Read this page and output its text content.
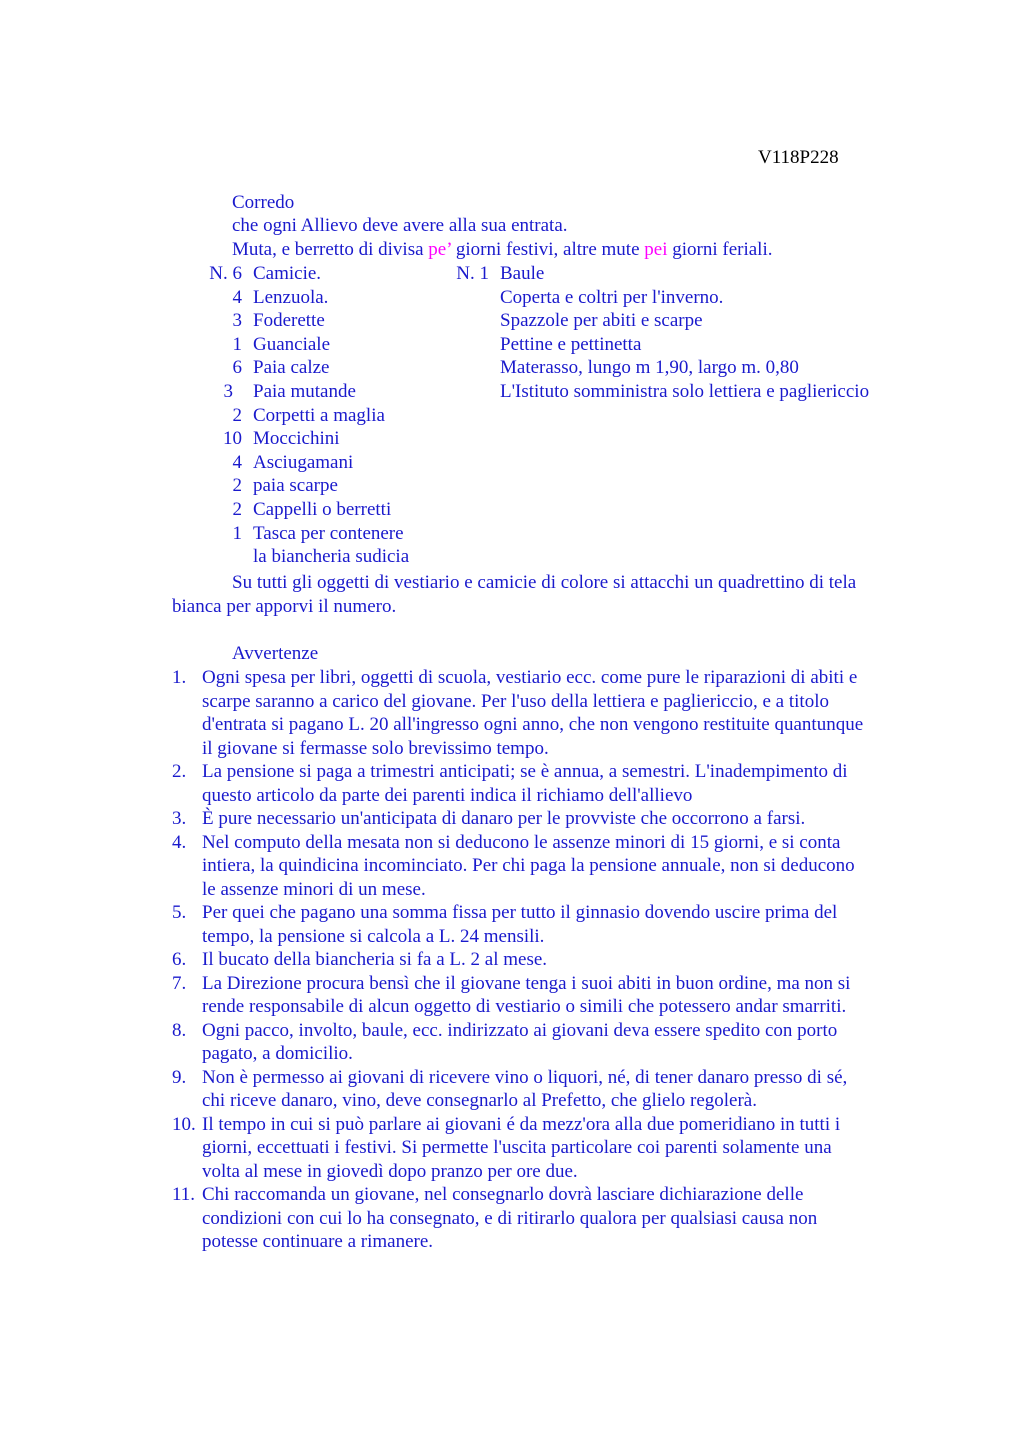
V118P228
Corredo
che ogni Allievo deve avere alla sua entrata.
Muta, e berretto di divisa pe’ giorni festivi, altre mute pei giorni feriali.
N. 6 Camicie.
4 Lenzuola.
3 Foderette
1 Guanciale
6 Paia calze
3 Paia mutande
2 Corpetti a maglia
10 Moccichini
4 Asciugamani
2 paia scarpe
2 Cappelli o berretti
1 Tasca per contenere
la biancheria sudicia
N. 1 Baule
Coperta e coltri per l'inverno.
Spazzole per abiti e scarpe
Pettine e pettinetta
Materasso, lungo m 1,90, largo m. 0,80
L'Istituto somministra solo lettiera e pagliericcio
Su tutti gli oggetti di vestiario e camicie di colore si attacchi un quadrettino di tela
bianca per apporvi il numero.
Avvertenze
1. Ogni spesa per libri, oggetti di scuola, vestiario ecc. come pure le riparazioni di abiti e
scarpe saranno a carico del giovane. Per l'uso della lettiera e pagliericcio, e a titolo
d'entrata si pagano L. 20 all'ingresso ogni anno, che non vengono restituite quantunque
il giovane si fermasse solo brevissimo tempo.
2. La pensione si paga a trimestri anticipati; se è annua, a semestri. L'inadempimento di
questo articolo da parte dei parenti indica il richiamo dell'allievo
3. È pure necessario un'anticipata di danaro per le provviste che occorrono a farsi.
4. Nel computo della mesata non si deducono le assenze minori di 15 giorni, e si conta
intiera, la quindicina incominciato. Per chi paga la pensione annuale, non si deducono
le assenze minori di un mese.
5. Per quei che pagano una somma fissa per tutto il ginnasio dovendo uscire prima del
tempo, la pensione si calcola a L. 24 mensili.
6. Il bucato della biancheria si fa a L. 2 al mese.
7. La Direzione procura bensì che il giovane tenga i suoi abiti in buon ordine, ma non si
rende responsabile di alcun oggetto di vestiario o simili che potessero andar smarriti.
8. Ogni pacco, involto, baule, ecc. indirizzato ai giovani deva essere spedito con porto
pagato, a domicilio.
9. Non è permesso ai giovani di ricevere vino o liquori, né, di tener danaro presso di sé,
chi riceve danaro, vino, deve consegnarlo al Prefetto, che glielo regolerà.
10. Il tempo in cui si può parlare ai giovani é da mezz'ora alla due pomeridiano in tutti i
giorni, eccettuati i festivi. Si permette l'uscita particolare coi parenti solamente una
volta al mese in giovedì dopo pranzo per ore due.
11. Chi raccomanda un giovane, nel consegnarlo dovrà lasciare dichiarazione delle
condizioni con cui lo ha consegnato, e di ritirarlo qualora per qualsiasi causa non
potesse continuare a rimanere.
